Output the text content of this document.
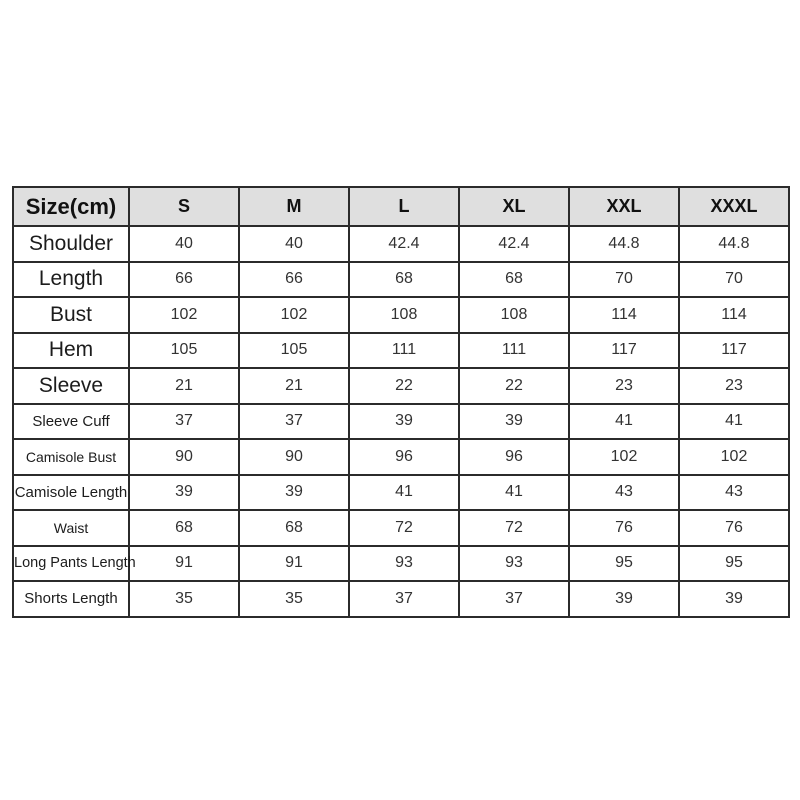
Size(cm)	S	M	L	XL	XXL	XXXL
Shoulder	40	40	42.4	42.4	44.8	44.8
Length	66	66	68	68	70	70
Bust	102	102	108	108	114	114
Hem	105	105	111	111	117	117
Sleeve	21	21	22	22	23	23
Sleeve Cuff	37	37	39	39	41	41
Camisole Bust	90	90	96	96	102	102
Camisole Length	39	39	41	41	43	43
Waist	68	68	72	72	76	76
Long Pants Length	91	91	93	93	95	95
Shorts Length	35	35	37	37	39	39
